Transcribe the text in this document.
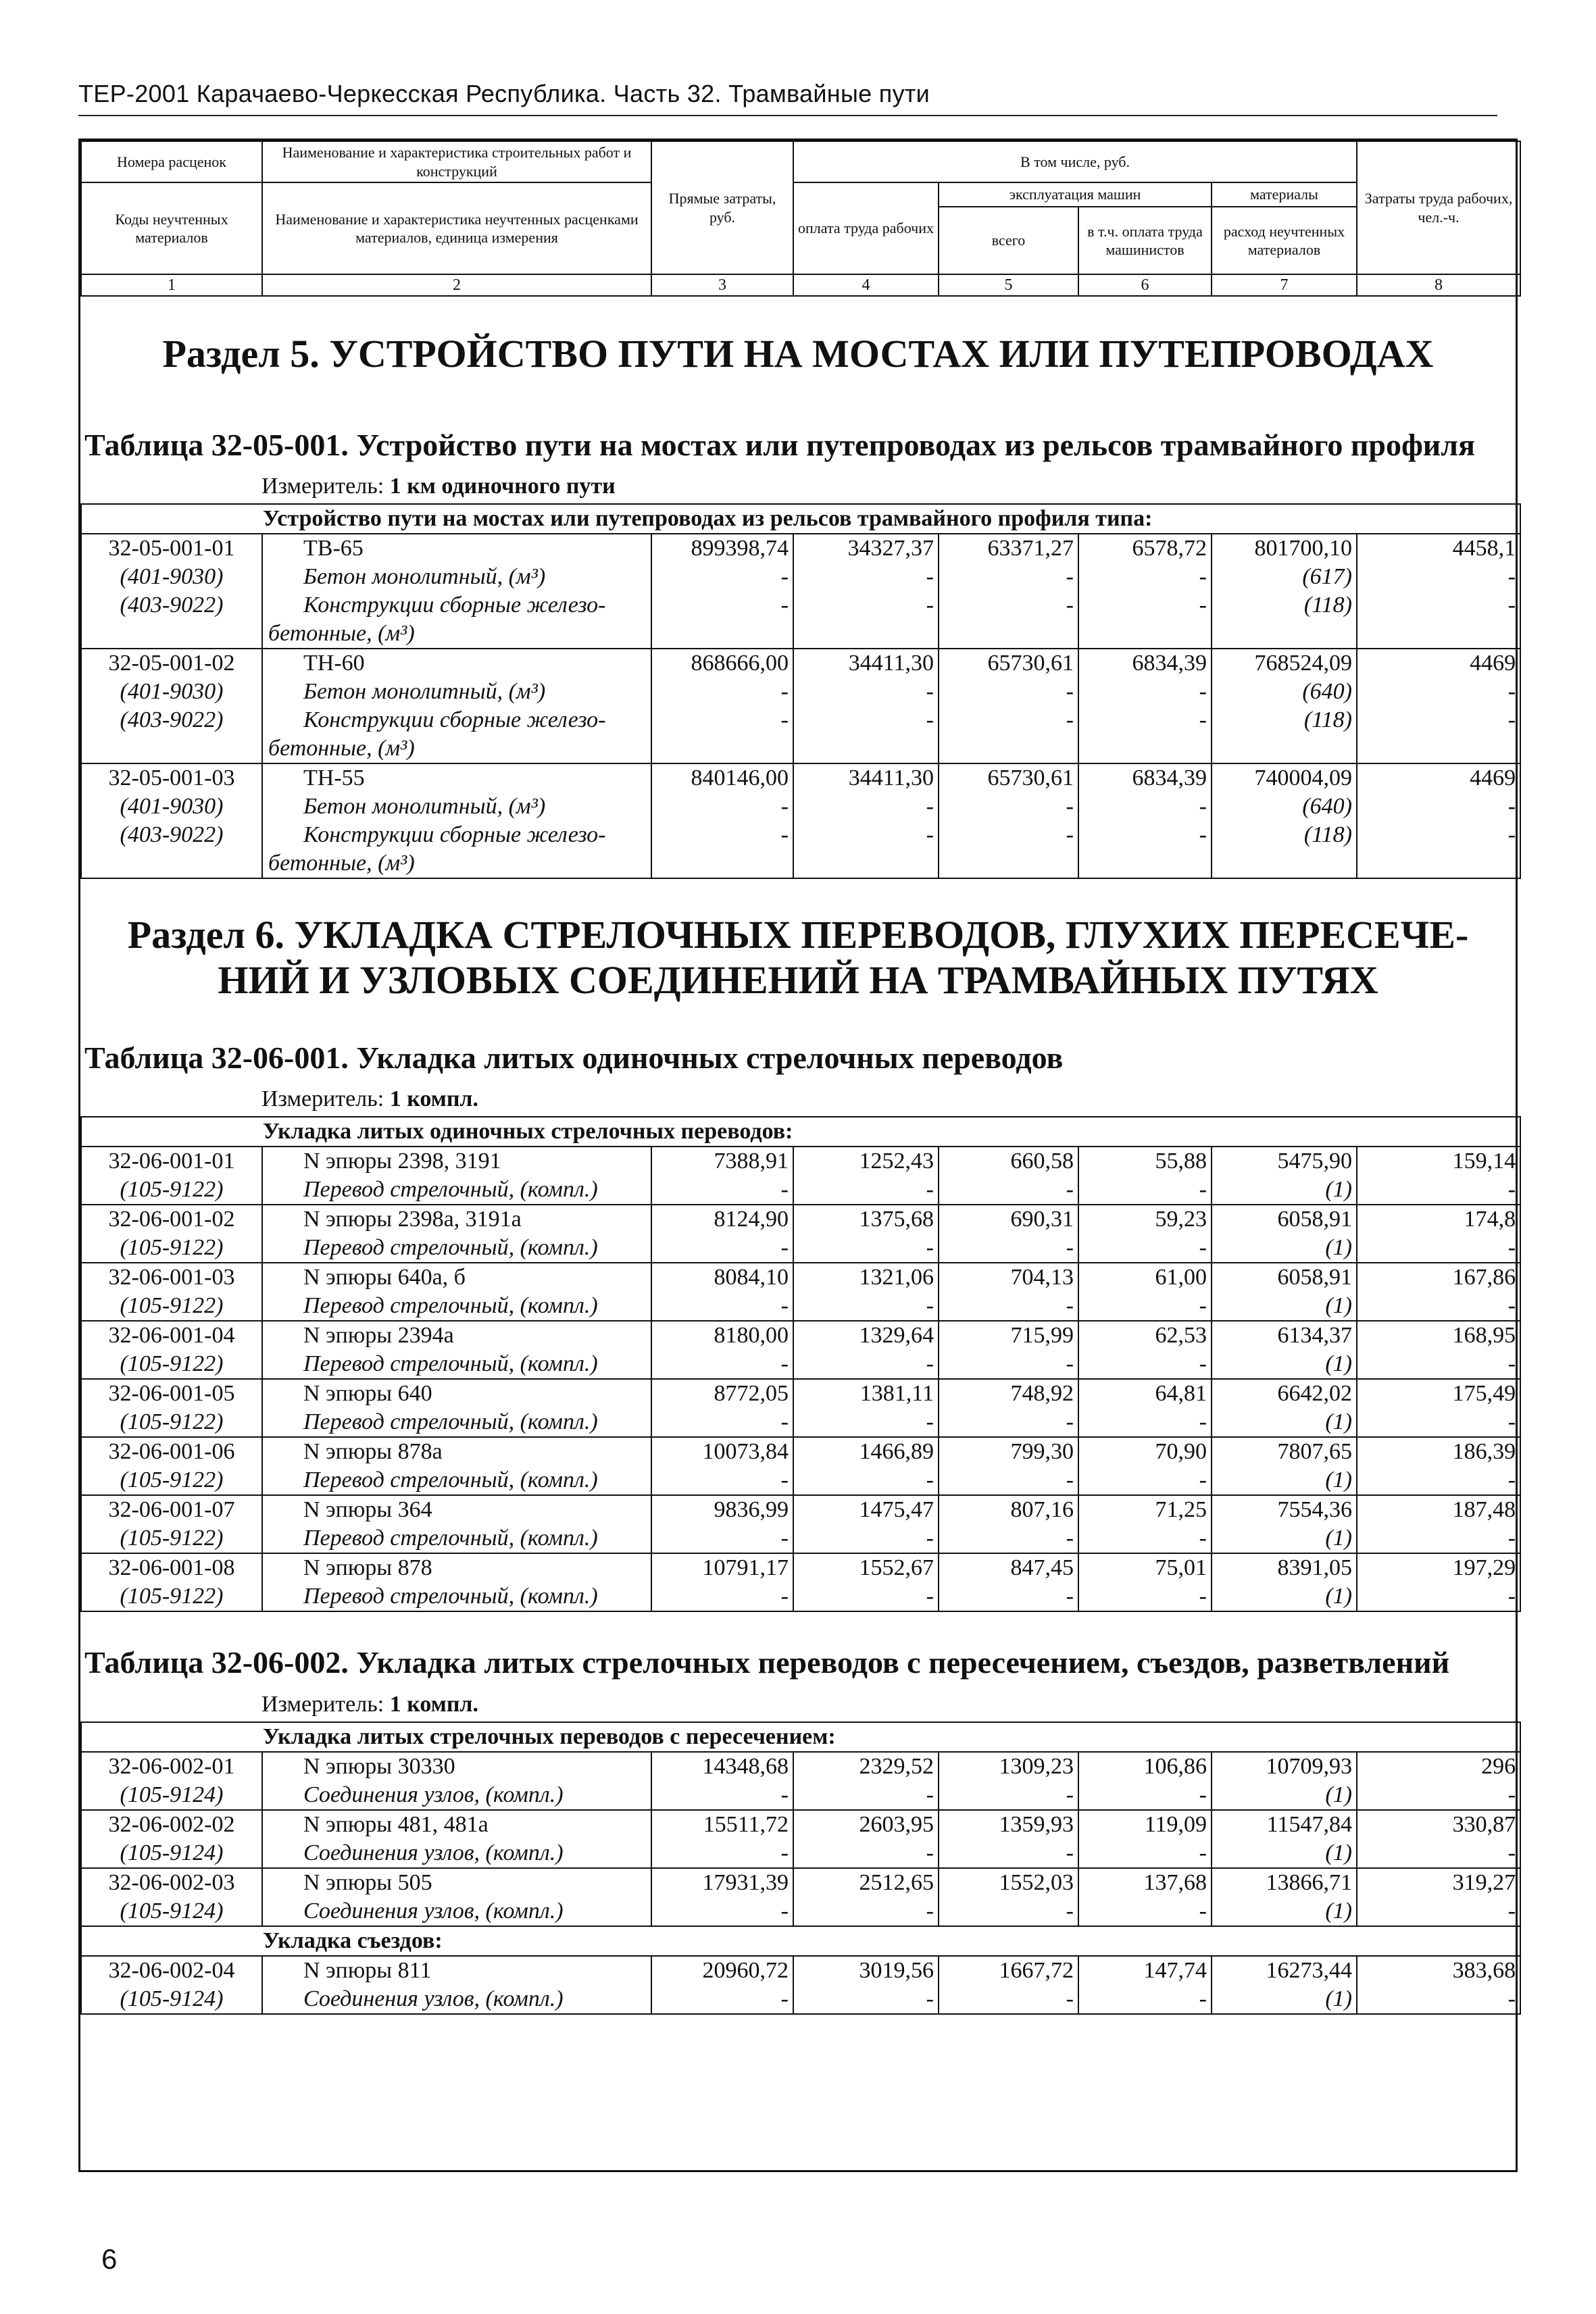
ТЕР-2001 Карачаево-Черкесская Республика. Часть 32. Трамвайные пути
Номера расценок	Наименование и характеристика строительных работ и конструкций	Прямые затраты, руб.	В том числе, руб.				Затраты труда рабочих, чел.-ч.
Коды неучтенных материалов	Наименование и характеристика неучтенных расценками материалов, единица измерения		оплата труда рабочих	эксплуатация машин		материалы	
				всего	в т.ч. оплата труда машинистов	расход неучтенных материалов	
1	2	3	4	5	6	7	8
Раздел 5. УСТРОЙСТВО ПУТИ НА МОСТАХ ИЛИ ПУТЕПРОВОДАХ

Таблица 32-05-001. Устройство пути на мостах или путепроводах из рельсов трамвайного профиля

Измеритель: 1 км одиночного пути
Устройство пути на мостах или путепроводах из рельсов трамвайного профиля типа:							
32-05-001-01	ТВ-65	899398,74	34327,37	63371,27	6578,72	801700,10	4458,1
(401-9030)	Бетон монолитный, (м³)	-	-	-	-	(617)	-
(403-9022)	Конструкции сборные железо-	-	-	-	-	(118)	-
	бетонные, (м³)						
32-05-001-02	ТН-60	868666,00	34411,30	65730,61	6834,39	768524,09	4469
(401-9030)	Бетон монолитный, (м³)	-	-	-	-	(640)	-
(403-9022)	Конструкции сборные железо-	-	-	-	-	(118)	-
	бетонные, (м³)						
32-05-001-03	ТН-55	840146,00	34411,30	65730,61	6834,39	740004,09	4469
(401-9030)	Бетон монолитный, (м³)	-	-	-	-	(640)	-
(403-9022)	Конструкции сборные железо-	-	-	-	-	(118)	-
	бетонные, (м³)						
Раздел 6. УКЛАДКА СТРЕЛОЧНЫХ ПЕРЕВОДОВ, ГЛУХИХ ПЕРЕСЕЧЕ-
НИЙ И УЗЛОВЫХ СОЕДИНЕНИЙ НА ТРАМВАЙНЫХ ПУТЯХ

Таблица 32-06-001. Укладка литых одиночных стрелочных переводов

Измеритель: 1 компл.
Укладка литых одиночных стрелочных переводов:							
32-06-001-01	N эпюры 2398, 3191	7388,91	1252,43	660,58	55,88	5475,90	159,14
(105-9122)	Перевод стрелочный, (компл.)	-	-	-	-	(1)	-
32-06-001-02	N эпюры 2398а, 3191а	8124,90	1375,68	690,31	59,23	6058,91	174,8
(105-9122)	Перевод стрелочный, (компл.)	-	-	-	-	(1)	-
32-06-001-03	N эпюры 640а, б	8084,10	1321,06	704,13	61,00	6058,91	167,86
(105-9122)	Перевод стрелочный, (компл.)	-	-	-	-	(1)	-
32-06-001-04	N эпюры 2394а	8180,00	1329,64	715,99	62,53	6134,37	168,95
(105-9122)	Перевод стрелочный, (компл.)	-	-	-	-	(1)	-
32-06-001-05	N эпюры 640	8772,05	1381,11	748,92	64,81	6642,02	175,49
(105-9122)	Перевод стрелочный, (компл.)	-	-	-	-	(1)	-
32-06-001-06	N эпюры 878а	10073,84	1466,89	799,30	70,90	7807,65	186,39
(105-9122)	Перевод стрелочный, (компл.)	-	-	-	-	(1)	-
32-06-001-07	N эпюры 364	9836,99	1475,47	807,16	71,25	7554,36	187,48
(105-9122)	Перевод стрелочный, (компл.)	-	-	-	-	(1)	-
32-06-001-08	N эпюры 878	10791,17	1552,67	847,45	75,01	8391,05	197,29
(105-9122)	Перевод стрелочный, (компл.)	-	-	-	-	(1)	-

Таблица 32-06-002. Укладка литых стрелочных переводов с пересечением, съездов, разветвлений

Измеритель: 1 компл.
Укладка литых стрелочных переводов с пересечением:							
32-06-002-01	N эпюры 30330	14348,68	2329,52	1309,23	106,86	10709,93	296
(105-9124)	Соединения узлов, (компл.)	-	-	-	-	(1)	-
32-06-002-02	N эпюры 481, 481а	15511,72	2603,95	1359,93	119,09	11547,84	330,87
(105-9124)	Соединения узлов, (компл.)	-	-	-	-	(1)	-
32-06-002-03	N эпюры 505	17931,39	2512,65	1552,03	137,68	13866,71	319,27
(105-9124)	Соединения узлов, (компл.)	-	-	-	-	(1)	-
Укладка съездов:							
32-06-002-04	N эпюры 811	20960,72	3019,56	1667,72	147,74	16273,44	383,68
(105-9124)	Соединения узлов, (компл.)	-	-	-	-	(1)	-
6
